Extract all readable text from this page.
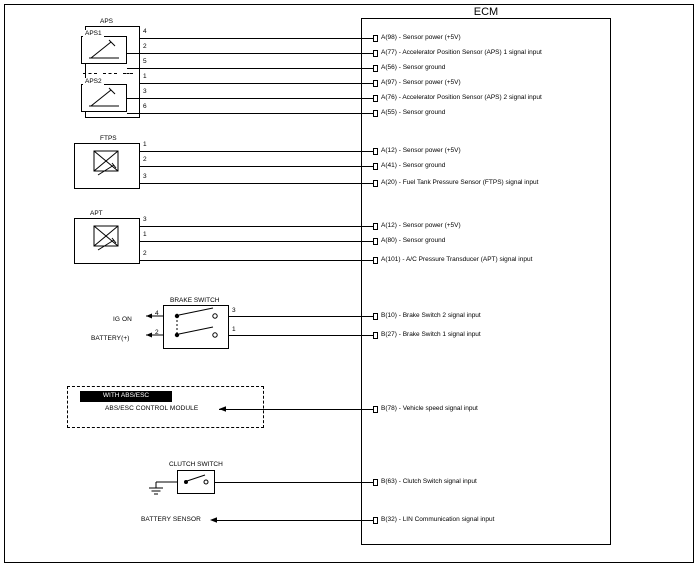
ECM
APS
APS1
APS2
4
A(98) - Sensor power (+5V)
2
A(77) - Accelerator Position Sensor (APS) 1 signal input
5
A(56) - Sensor ground
1
A(97) - Sensor power (+5V)
3
A(76) - Accelerator Position Sensor (APS) 2 signal input
6
A(55) - Sensor ground
FTPS
1
A(12) - Sensor power (+5V)
2
A(41) - Sensor ground
3
A(20) - Fuel Tank Pressure Sensor (FTPS) signal input
APT
3
A(12) - Sensor power (+5V)
1
A(80) - Sensor ground
2
A(101) - A/C Pressure Transducer (APT) signal input
BRAKE SWITCH
4
2
IG ON
BATTERY(+)
3
B(10) - Brake Switch 2 signal input
1
B(27) - Brake Switch 1 signal input
WITH ABS/ESC
ABS/ESC CONTROL MODULE	B(78) - Vehicle speed signal input
CLUTCH SWITCH
B(63) - Clutch Switch signal input
BATTERY SENSOR	B(32) - LIN Communication signal input
